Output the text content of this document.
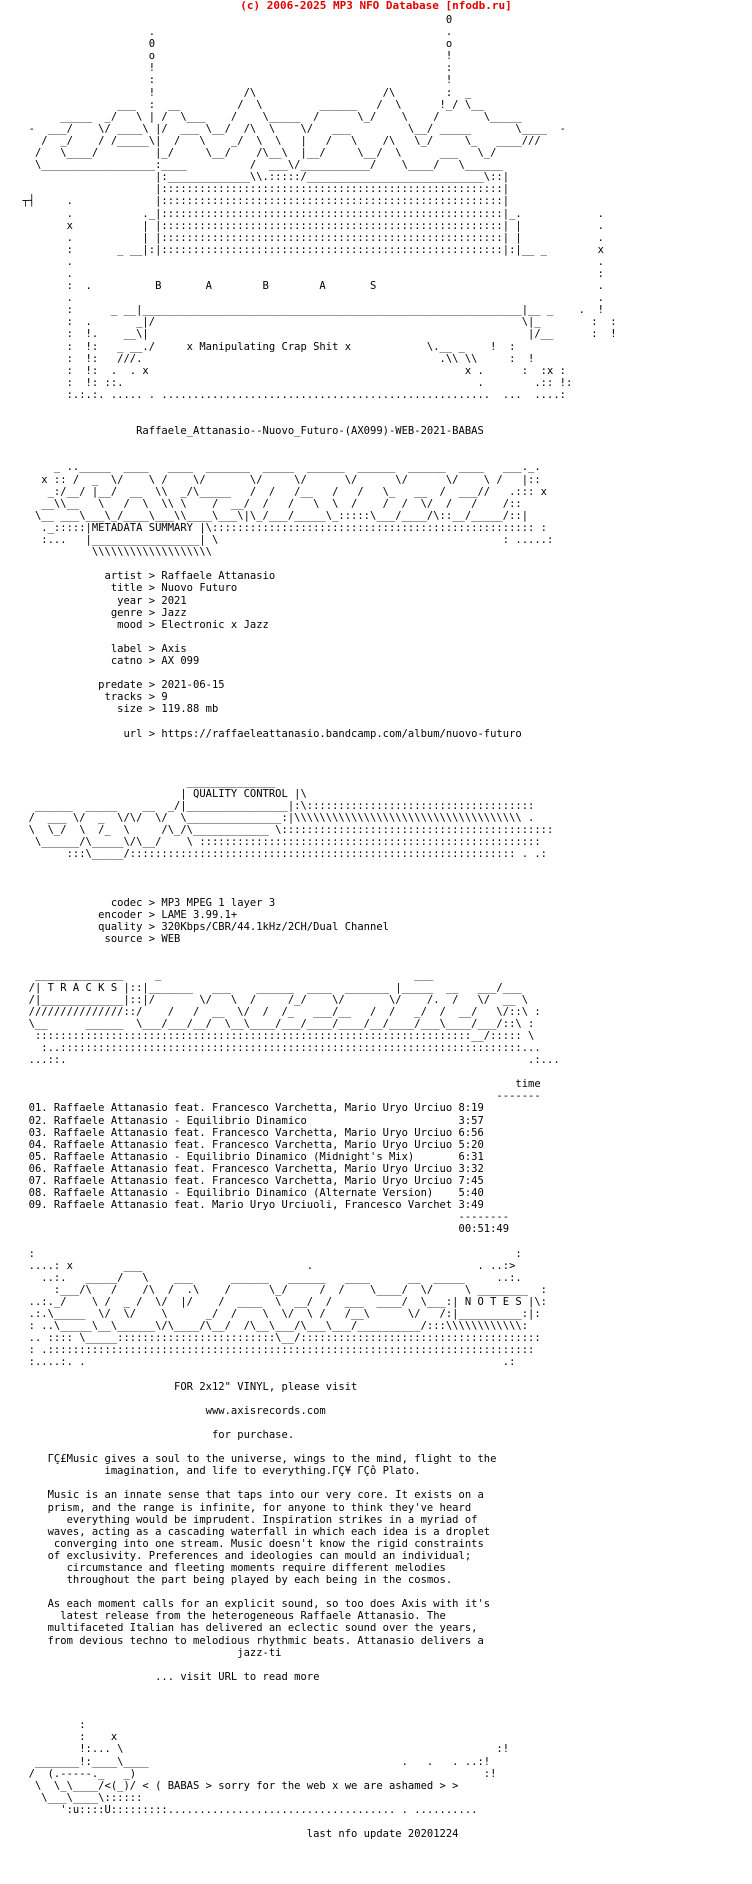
(c) 2006-2025 MP3 NFO Database [nfodb.ru]
0
.                                              .
0                                              o
o                                              !
!                                              :
:                                              !
!              /\                    /\        :  _
___  :  __         /  \         ______   /  \      !_/ \__
_____  _/   \ | /  \___    /    \_____  /      \_/    \    /       \_____
-  ___/    \/ ____\ |/  ___ \__/  /\  \    \/   ___         \__/ _____       \____  -
/  _/    / /_____\|  /   \    _/  \  \   |   /   \    /\   \_/     \_   ____///
/   \____/         |_/     \__/    /\__\  |__/     \__/  \      ___   \_/
\__________________:____          /  ___\/___________/    \____/   \______
|:_____________\\.:::::/____________________________\::|
|::::::::::::::::::::::::::::::::::::::::::::::::::::::|
┬┤     .             |::::::::::::::::::::::::::::::::::::::::::::::::::::::|
.           ._|::::::::::::::::::::::::::::::::::::::::::::::::::::::|_.            .
x           | |::::::::::::::::::::::::::::::::::::::::::::::::::::::| |            .
.           | |::::::::::::::::::::::::::::::::::::::::::::::::::::::| |            .
:       _ __|:|::::::::::::::::::::::::::::::::::::::::::::::::::::::|:|__ _        x
.                                                                                   .
.                                                                                   :
:  .          B       A        B        A       S                                   .
.                                                                                   .
:      _ __|____________________________________________________________|__ _    .  !
:  .       _|/                                                          \|_        :  :
:  !.    __\|                                                            |/__      :  !
:  !:   _ __./     x Manipulating Crap Shit x            \.__ _    !  :
:  !:   ///.                                               .\\ \\     :  !
:  !:  .  . x                                                  x .      :  :x :
:  !: ::.                                                        .        .:: !:
:.:.:. ..... . ....................................................  ...  ....:

Raffaele_Attanasio--Nuovo_Futuro-(AX099)-WEB-2021-BABAS

_ .._____  ____   ____  _______  _____  ______  ______  ______  ____   ___._.
x :: /  _  \/    \ /    \/       \/     \/      \/      \/      \/    \ /   |::
_:/__/ |__/  __  \\  _/\_____   /  /   /__   /   /   \_   __  /  ___//   .::: x
__\\__   \   /  \  \\ \    /  __/  /   /   \  \  /    /  /  \/  /   /    /::
\__ ___\___\_/____\___\\____\___\|\_/___/_____\_:::::\___/____/\::__/_____/::|
._:::::|METADATA SUMMARY |\::::::::::::::::::::::::::::::::::::::::::::::::::: :
:...   |_________________| \                                             : .....:
\\\\\\\\\\\\\\\\\\\

artist > Raffaele Attanasio
title > Nuovo Futuro
year > 2021
genre > Jazz
mood > Electronic x Jazz

label > Axis
catno > AX 099

predate > 2021-06-15
tracks > 9
size > 119.88 mb

url > https://raffaeleattanasio.bandcamp.com/album/nuovo-futuro

______________
| QUALITY CONTROL |\
______  _____    __  _/|________________|:\::::::::::::::::::::::::::::::::::::
/  ___ \/  _  \/\/  \/  \_______________:|\\\\\\\\\\\\\\\\\\\\\\\\\\\\\\\\\\\\ .
\  \_/  \  /_  \     /\_/\____________ \:::::::::::::::::::::::::::::::::::::::::::
\______/\_____\/\__/    \ ::::::::::::::::::::::::::::::::::::::::::::::::::::::
:::\_____/::::::::::::::::::::::::::::::::::::::::::::::::::::::::::::: . .:

codec > MP3 MPEG 1 layer 3
encoder > LAME 3.99.1+
quality > 320Kbps/CBR/44.1kHz/2CH/Dual Channel
source > WEB

______________     _                                        ___
/| T R A C K S |::|_______   ___    ______  ____  _______ |_____  __   ___/___
/|_____________|::|/       \/   \  /     /_/    \/       \/    /.  /   \/  __ \
///////////////::/    /   /  __  \/  /  /_   ___/__   /  /   _/  /  __/   \/::\ :
\__      ______  \___/___/__/  \__\____/___/____/____/__/____/___\____/___/::\ :
:::::::::::::::::::::::::::::::::::::::::::::::::::::::::::::::::::::__/::::: \
:..:::::::::::::::::::::::::::::::::::::::::::::::::::::::::::::::::::::::::...
...::.                                                                         .:...

time
-------
01. Raffaele Attanasio feat. Francesco Varchetta, Mario Uryo Urciuo 8:19
02. Raffaele Attanasio - Equilibrio Dinamico                        3:57
03. Raffaele Attanasio feat. Francesco Varchetta, Mario Uryo Urciuo 6:56
04. Raffaele Attanasio feat. Francesco Varchetta, Mario Uryo Urciuo 5:20
05. Raffaele Attanasio - Equilibrio Dinamico (Midnight's Mix)       6:31
06. Raffaele Attanasio feat. Francesco Varchetta, Mario Uryo Urciuo 3:32
07. Raffaele Attanasio feat. Francesco Varchetta, Mario Uryo Urciuo 7:45
08. Raffaele Attanasio - Equilibrio Dinamico (Alternate Version)    5:40
09. Raffaele Attanasio feat. Mario Uryo Urciuoli, Francesco Varchet 3:49
--------
00:51:49

:                                                                            :
....: x        ___                          .                          . ..:>
..:.   _____/   \    ___      ______   ______   ____      __  _____     ..:.
:___/\   /    /\  /  .\    /      \_/     /  /    \____/  \/     \ ________  :
..:._/    \ /  _ /  \/  |/    /  ____  \  __/  /  ___  ____/  \___:| N O T E S |\:
.:.\_____  \/  \/    \      _/  /    \  \/  \ /   /__\      \/   /:|__________:|:
: ..\_____\__\______\/\____/\__/  /\__\___/\___\___/__________/:::\\\\\\\\\\\\:
.. :::: \_____:::::::::::::::::::::::::\__/::::::::::::::::::::::::::::::::::::::
: .:::::::::::::::::::::::::::::::::::::::::::::::::::::::::::::::::::::::::::::
:....:. .                                                                  .:

FOR 2x12" VINYL, please visit

www.axisrecords.com

for purchase.

ΓÇ£Music gives a soul to the universe, wings to the mind, flight to the
imagination, and life to everything.ΓÇ¥ ΓÇô Plato.

Music is an innate sense that taps into our very core. It exists on a
prism, and the range is infinite, for anyone to think they've heard
everything would be imprudent. Inspiration strikes in a myriad of
waves, acting as a cascading waterfall in which each idea is a droplet
converging into one stream. Music doesn't know the rigid constraints
of exclusivity. Preferences and ideologies can mould an individual;
circumstance and fleeting moments require different melodies
throughout the part being played by each being in the cosmos.

As each moment calls for an explicit sound, so too does Axis with it's
latest release from the heterogeneous Raffaele Attanasio. The
multifaceted Italian has delivered an eclectic sound over the years,
from devious techno to melodious rhythmic beats. Attanasio delivers a
jazz-ti

... visit URL to read more

:
:    x
!:... \                                                           :!
_______!:____\____                                        .   .   . ..:!
/  (.-----._   _)                                                       :!
\  \_\____/<(_)/ < ( BABAS > sorry for the web x we are ashamed > >
\___\____\::::::
':u::::U:::::::::.................................... . ..........

last nfo update 20201224
